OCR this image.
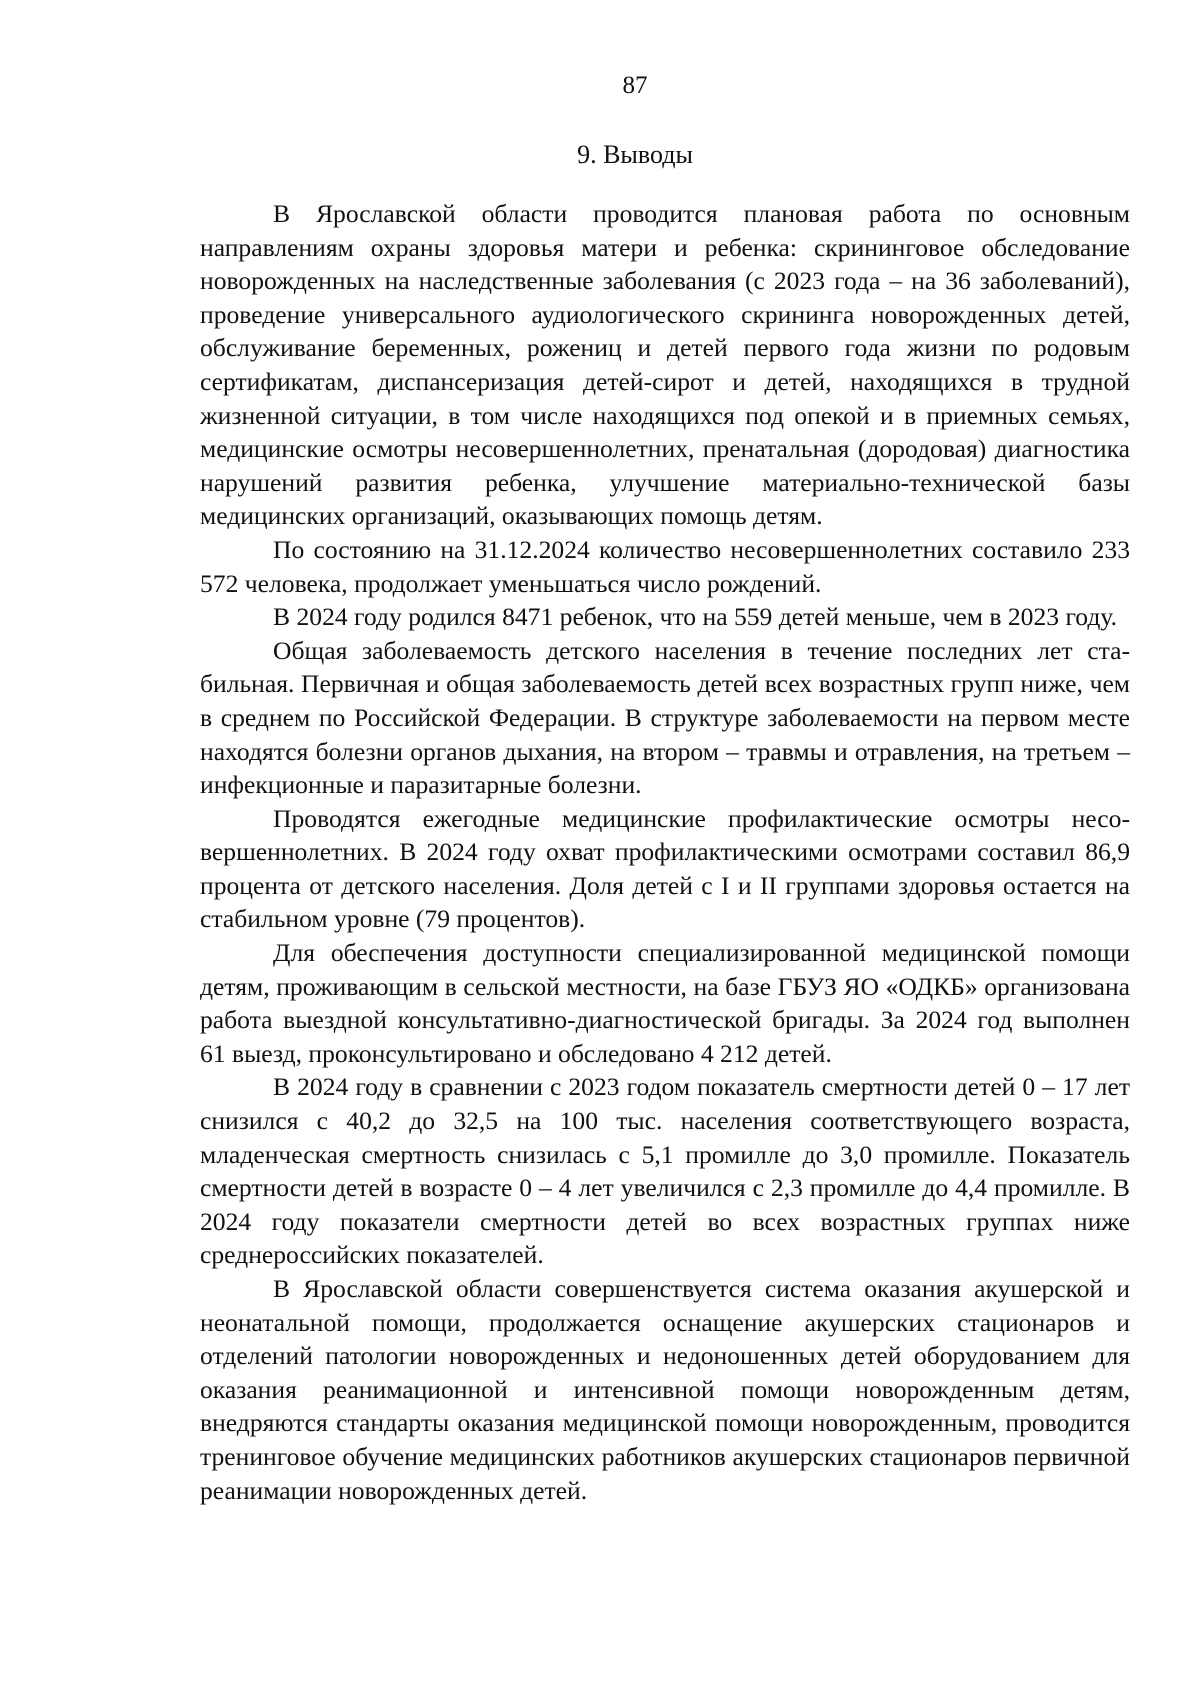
87
9. Выводы

В Ярославской области проводится плановая работа по основным направлениям охраны здоровья матери и ребенка: скрининговое обследование новорожденных на наследственные заболевания (с 2023 года – на 36 заболеваний), проведение универсального аудиологического скрининга новорожденных детей, обслуживание беременных, рожениц и детей первого года жизни по родовым сертификатам, диспансеризация детей-сирот и детей, находящихся в трудной жизненной ситуации, в том числе находящихся под опекой и в приемных семьях, медицинские осмотры несовершеннолетних, пренатальная (дородовая) диагностика нарушений развития ребенка, улучшение материально-технической базы медицинских организаций, оказывающих помощь детям.

По состоянию на 31.12.2024 количество несовершеннолетних составило 233 572 человека, продолжает уменьшаться число рождений.

В 2024 году родился 8471 ребенок, что на 559 детей меньше, чем в 2023 году.

Общая заболеваемость детского населения в течение последних лет стабильная. Первичная и общая заболеваемость детей всех возрастных групп ниже, чем в среднем по Российской Федерации. В структуре заболеваемости на первом месте находятся болезни органов дыхания, на втором – травмы и отравления, на третьем – инфекционные и паразитарные болезни.

Проводятся ежегодные медицинские профилактические осмотры несовершеннолетних. В 2024 году охват профилактическими осмотрами составил 86,9 процента от детского населения. Доля детей с I и II группами здоровья остается на стабильном уровне (79 процентов).

Для обеспечения доступности специализированной медицинской помощи детям, проживающим в сельской местности, на базе ГБУЗ ЯО «ОДКБ» организована работа выездной консультативно-диагностической бригады. За 2024 год выполнен 61 выезд, проконсультировано и обследовано 4 212 детей.

В 2024 году в сравнении с 2023 годом показатель смертности детей 0 – 17 лет снизился с 40,2 до 32,5 на 100 тыс. населения соответствующего возраста, младенческая смертность снизилась с 5,1 промилле до 3,0 промилле. Показатель смертности детей в возрасте 0 – 4 лет увеличился с 2,3 промилле до 4,4 промилле. В 2024 году показатели смертности детей во всех возрастных группах ниже среднероссийских показателей.

В Ярославской области совершенствуется система оказания акушерской и неонатальной помощи, продолжается оснащение акушерских стационаров и отделений патологии новорожденных и недоношенных детей оборудованием для оказания реанимационной и интенсивной помощи новорожденным детям, внедряются стандарты оказания медицинской помощи новорожденным, проводится тренинговое обучение медицинских работников акушерских стационаров первичной реанимации новорожденных детей.
